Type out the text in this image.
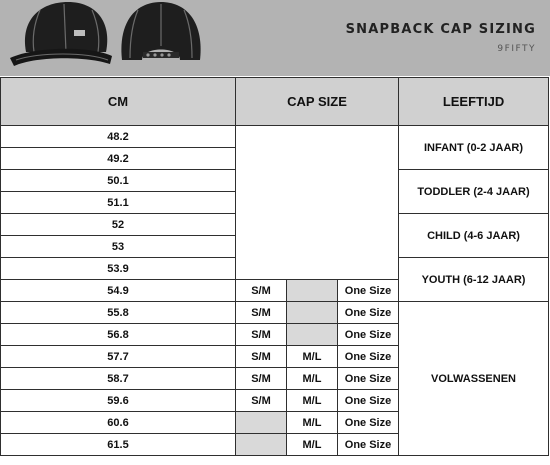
SNAPBACK CAP SIZING
9FIFTY
CM	CAP SIZE			LEEFTIJD
48.2				INFANT (0-2 JAAR)
49.2				
50.1				TODDLER (2-4 JAAR)
51.1				
52				CHILD (4-6 JAAR)
53				
53.9				YOUTH (6-12 JAAR)
54.9	S/M		One Size	
55.8	S/M		One Size	VOLWASSENEN
56.8	S/M		One Size	
57.7	S/M	M/L	One Size	
58.7	S/M	M/L	One Size	
59.6	S/M	M/L	One Size	
60.6		M/L	One Size	
61.5		M/L	One Size	
